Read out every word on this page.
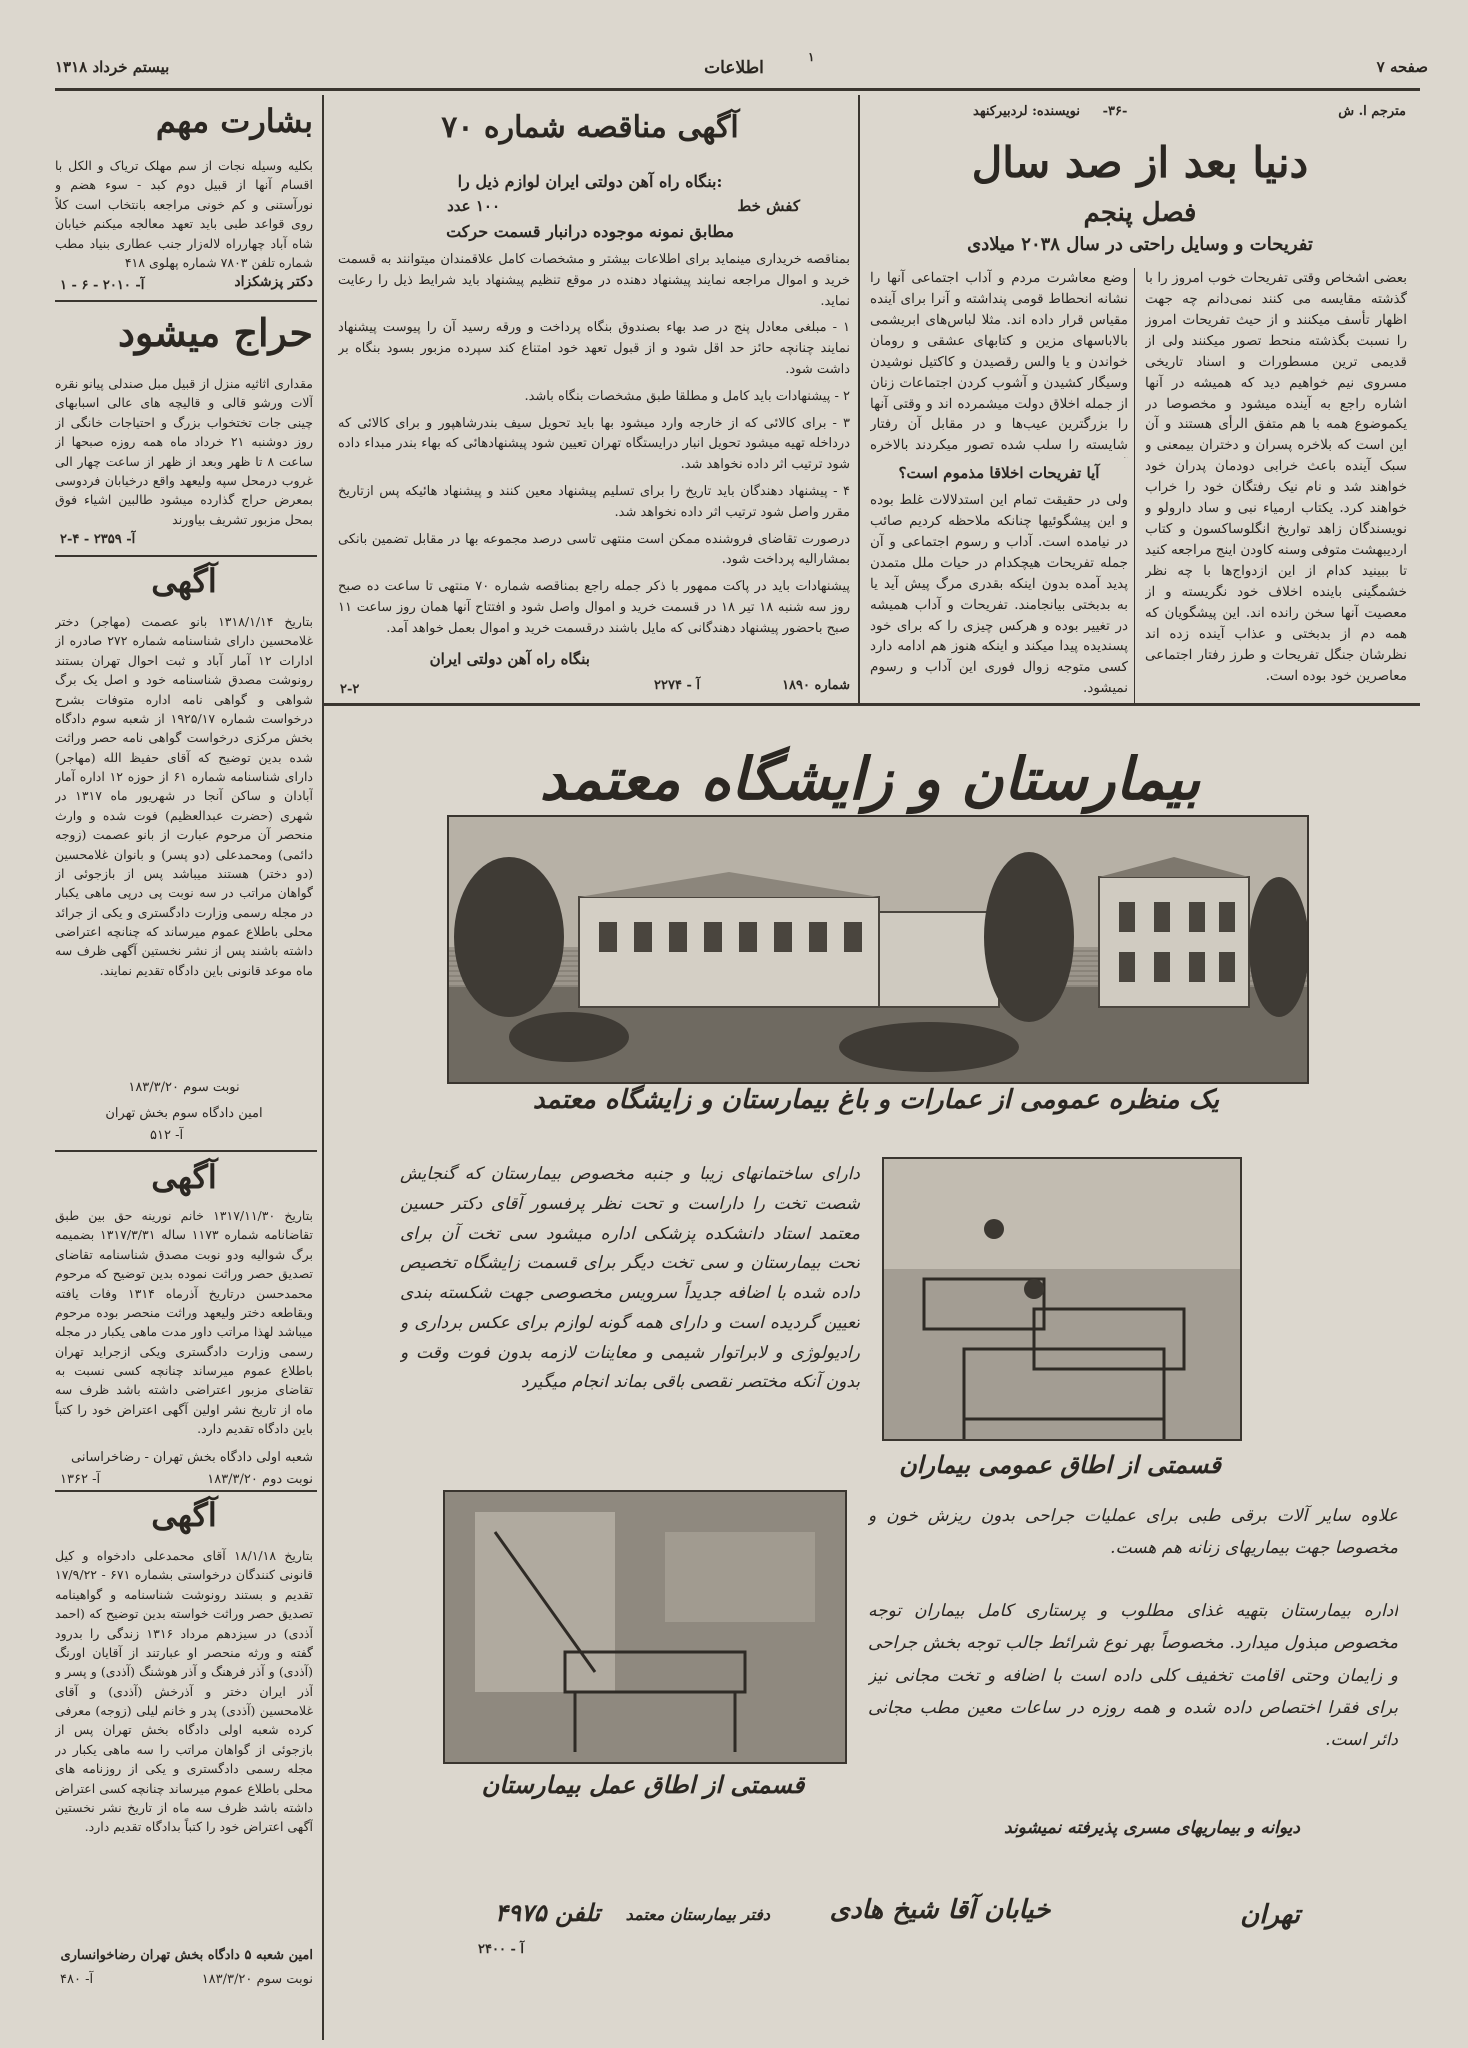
صفحه ۷
اطلاعات
۱
بیستم خرداد ۱۳۱۸
مترجم ا. ش
-۳۶-
نویسنده: لردبیرکنهد
دنیا بعد از صد سال
فصل پنجم
تفریحات و وسایل راحتی در سال ۲۰۳۸ میلادی
بعضی اشخاص وقتی تفریحات خوب امروز را با گذشته مقایسه می کنند نمی‌دانم چه جهت اظهار تأسف میکنند و از حیث تفریحات امروز را نسبت بگذشته منحط تصور میکنند ولی از قدیمی ترین مسطورات و اسناد تاریخی مسروی نیم خواهیم دید که همیشه در آنها اشاره راجع به آینده میشود و مخصوصا در یکموضوع همه با هم متفق الرأی هستند و آن این است که بلاخره پسران و دختران بیمعنی و سبک آینده باعث خرابی دودمان پدران خود خواهند شد و نام نیک رفتگان خود را خراب خواهند کرد. یکتاب ارمیاء نبی و ساد دارولو و نویسندگان زاهد تواریخ انگلوساکسون و کتاب اردیبهشت متوفی وسنه کاودن اینج مراجعه کنید تا ببینید کدام از این ازدواج‌ها با چه نظر خشمگینی باینده اخلاف خود نگریسته و از معصیت آنها سخن رانده اند. این پیشگویان که همه دم از بدبختی و عذاب آینده زده اند نظرشان جنگل تفریحات و طرز رفتار اجتماعی معاصرین خود بوده است.
وضع معاشرت مردم و آداب اجتماعی آنها را نشانه انحطاط قومی پنداشته و آنرا برای آینده مقیاس قرار داده اند. مثلا لباس‌های ابریشمی بالاباسهای مزین و کتابهای عشقی و رومان خواندن و یا والس رقصیدن و کاکتیل نوشیدن وسیگار کشیدن و آشوب کردن اجتماعات زنان از جمله اخلاق دولت میشمرده اند و وقتی آنها را بزرگترین عیب‌ها و در مقابل آن رفتار شایسته را سلب شده تصور میکردند بالاخره
آیا تفریحات اخلاقا مذموم است؟
ولی در حقیقت تمام این استدلالات غلط بوده و این پیشگوئیها چنانکه ملاحظه کردیم صائب در نیامده است. آداب و رسوم اجتماعی و آن جمله تفریحات هیچکدام در حیات ملل متمدن پدید آمده بدون اینکه بقدری مرگ پیش آید یا به بدبختی بیانجامند. تفریحات و آداب همیشه در تغییر بوده و هرکس چیزی را که برای خود پسندیده پیدا میکند و اینکه هنوز هم ادامه دارد کسی متوجه زوال فوری این آداب و رسوم نمیشود.
آگهی مناقصه شماره ۷۰
بنگاه راه آهن دولتی ایران لوازم ذیل را:
کفش خط
۱۰۰ عدد
مطابق نمونه موجوده درانبار قسمت حرکت

بمناقصه خریداری مینماید برای اطلاعات بیشتر و مشخصات کامل علاقمندان میتوانند به قسمت خرید و اموال مراجعه نمایند پیشنهاد دهنده در موقع تنظیم پیشنهاد باید شرایط ذیل را رعایت نماید.

۱ - مبلغی معادل پنج در صد بهاء بصندوق بنگاه پرداخت و ورقه رسید آن را پیوست پیشنهاد نمایند چنانچه حائز حد اقل شود و از قبول تعهد خود امتناع کند سپرده مزبور بسود بنگاه بر داشت شود.

۲ - پیشنهادات باید کامل و مطلقا طبق مشخصات بنگاه باشد.

۳ - برای کالائی که از خارجه وارد میشود بها باید تحویل سیف بندرشاهپور و برای کالائی که درداخله تهیه میشود تحویل انبار درایستگاه تهران تعیین شود پیشنهادهائی که بهاء بندر مبداء داده شود ترتیب اثر داده نخواهد شد.

۴ - پیشنهاد دهندگان باید تاریخ را برای تسلیم پیشنهاد معین کنند و پیشنهاد هائیکه پس ازتاریخ مقرر واصل شود ترتیب اثر داده نخواهد شد.

درصورت تقاضای فروشنده ممکن است منتهی تاسی درصد مجموعه بها در مقابل تضمین بانکی بمشارالیه پرداخت شود.

پیشنهادات باید در پاکت ممهور با ذکر جمله راجع بمناقصه شماره ۷۰ منتهی تا ساعت ده صبح روز سه شنبه ۱۸ تیر ۱۸ در قسمت خرید و اموال واصل شود و افتتاح آنها همان روز ساعت ۱۱ صبح باحضور پیشنهاد دهندگانی که مایل باشند درقسمت خرید و اموال بعمل خواهد آمد.

شماره ۱۸۹۰
آ - ۲۲۷۴
بنگاه راه آهن دولتی ایران
۲-۲
بشارت مهم
بکلیه وسیله نجات از سم مهلک تریاک و الکل با اقسام آنها از قبیل دوم کبد - سوء هضم و نورآستنی و کم خونی مراجعه بانتخاب است کلاً روی قواعد طبی باید تعهد معالجه میکنم خیابان شاه آباد چهارراه لاله‌زار جنب عطاری بنیاد مطب شماره تلفن ۷۸۰۳ شماره پهلوی ۴۱۸
دکتر پزشکزاد
آ- ۲۰۱۰ - ۶ - ۱
حراج میشود
مقداری اثاثیه منزل از قبیل مبل صندلی پیانو نقره آلات ورشو قالی و قالیچه های عالی اسبابهای چینی جات تختخواب بزرگ و احتیاجات خانگی از روز دوشنبه ۲۱ خرداد ماه همه روزه صبحها از ساعت ۸ تا ظهر وبعد از ظهر از ساعت چهار الی غروب درمحل سپه ولیعهد واقع درخیابان فردوسی بمعرض حراج گذارده میشود طالبین اشیاء فوق بمحل مزبور تشریف بیاورند
آ- ۲۳۵۹ - ۴-۲
آگهی
بتاریخ ۱۳۱۸/۱/۱۴ بانو عصمت (مهاجر) دختر غلامحسین دارای شناسنامه شماره ۲۷۲ صادره از ادارات ۱۲ آمار آباد و ثبت احوال تهران بستند رونوشت مصدق شناسنامه خود و اصل یک برگ شواهی و گواهی نامه اداره متوفات بشرح درخواست شماره ۱۹۲۵/۱۷ از شعبه سوم دادگاه بخش مرکزی درخواست گواهی نامه حصر وراثت شده بدین توضیح که آقای حفیظ الله (مهاجر) دارای شناسنامه شماره ۶۱ از حوزه ۱۲ اداره آمار آبادان و ساکن آنجا در شهریور ماه ۱۳۱۷ در شهری (حضرت عبدالعظیم) فوت شده و وارث منحصر آن مرحوم عبارت از بانو عصمت (زوجه دائمی) ومحمدعلی (دو پسر) و بانوان غلامحسین (دو دختر) هستند میباشد پس از بازجوئی از گواهان مراتب در سه نوبت پی درپی ماهی یکبار در مجله رسمی وزارت دادگستری و یکی از جرائد محلی باطلاع عموم میرساند که چنانچه اعتراضی داشته باشند پس از نشر نخستین آگهی ظرف سه ماه موعد قانونی باین دادگاه تقدیم نمایند.
نوبت سوم ۱۸۳/۳/۲۰
امین دادگاه سوم بخش تهران
آ- ۵۱۲
آگهی
بتاریخ ۱۳۱۷/۱۱/۳۰ خانم نورینه حق بین طبق تقاضانامه شماره ۱۱۷۳ ساله ۱۳۱۷/۳/۳۱ بضمیمه برگ شوالیه ودو نوبت مصدق شناسنامه تقاضای تصدیق حصر وراثت نموده بدین توضیح که مرحوم محمدحسن درتاریخ آذرماه ۱۳۱۴ وفات یافته وبقاطعه دختر ولیعهد وراثت منحصر بوده مرحوم میباشد لهذا مراتب داور مدت ماهی یکبار در مجله رسمی وزارت دادگستری ویکی ازجراید تهران باطلاع عموم میرساند چنانچه کسی نسبت به تقاضای مزبور اعتراضی داشته باشد ظرف سه ماه از تاریخ نشر اولین آگهی اعتراض خود را کتباً باین دادگاه تقدیم دارد.
شعبه اولی دادگاه بخش تهران - رضاخراسانی
نوبت دوم ۱۸۳/۳/۲۰
آ- ۱۳۶۲
آگهی
بتاریخ ۱۸/۱/۱۸ آقای محمدعلی دادخواه و کیل قانونی کنندگان درخواستی بشماره ۶۷۱ - ۱۷/۹/۲۲ تقدیم و بستند رونوشت شناسنامه و گواهینامه تصدیق حصر وراثت خواسته بدین توضیح که (احمد آذدی) در سیزدهم مرداد ۱۳۱۶ زندگی را بدرود گفته و ورثه منحصر او عبارتند از آقایان اورنگ (آذدی) و آذر فرهنگ و آذر هوشنگ (آذدی) و پسر و آذر ایران دختر و آذرخش (آذدی) و آقای غلامحسین (آذدی) پدر و خانم لیلی (زوجه) معرفی کرده شعبه اولی دادگاه بخش تهران پس از بازجوئی از گواهان مراتب را سه ماهی یکبار در مجله رسمی دادگستری و یکی از روزنامه های محلی باطلاع عموم میرساند چنانچه کسی اعتراض داشته باشد ظرف سه ماه از تاریخ نشر نخستین آگهی اعتراض خود را کتباً بدادگاه تقدیم دارد.
امین شعبه ۵ دادگاه بخش تهران رضاخوانساری
نوبت سوم ۱۸۳/۳/۲۰
آ- ۴۸۰
بیمارستان و زایشگاه معتمد
یک منظره عمومی از عمارات و باغ بیمارستان و زایشگاه معتمد
دارای ساختمانهای زیبا و جنبه مخصوص بیمارستان که گنجایش شصت تخت را داراست و تحت نظر پرفسور آقای دکتر حسین معتمد استاد دانشکده پزشکی اداره میشود سی تخت آن برای تحت بیمارستان و سی تخت دیگر برای قسمت زایشگاه تخصیص داده شده با اضافه جدیداً سرویس مخصوصی جهت شکسته بندی تعیین گردیده است و دارای همه گونه لوازم برای عکس برداری و رادیولوژی و لابراتوار شیمی و معاینات لازمه بدون فوت وقت و بدون آنکه مختصر نقصی باقی بماند انجام میگیرد
قسمتی از اطاق عمومی بیماران
علاوه سایر آلات برقی طبی برای عملیات جراحی بدون ریزش خون و مخصوصا جهت بیماریهای زنانه هم هست.
قسمتی از اطاق عمل بیمارستان
اداره بیمارستان بتهیه غذای مطلوب و پرستاری کامل بیماران توجه مخصوص مبذول میدارد. مخصوصاً بهر نوع شرائط جالب توجه بخش جراحی و زایمان وحتی اقامت تخفیف کلی داده است با اضافه و تخت مجانی نیز برای فقرا اختصاص داده شده و همه روزه در ساعات معین مطب مجانی دائر است.
دیوانه و بیماریهای مسری پذیرفته نمیشوند
تهران
خیابان آقا شیخ هادی
دفتر بیمارستان معتمد
تلفن ۴۹۷۵
آ - ۲۴۰۰
